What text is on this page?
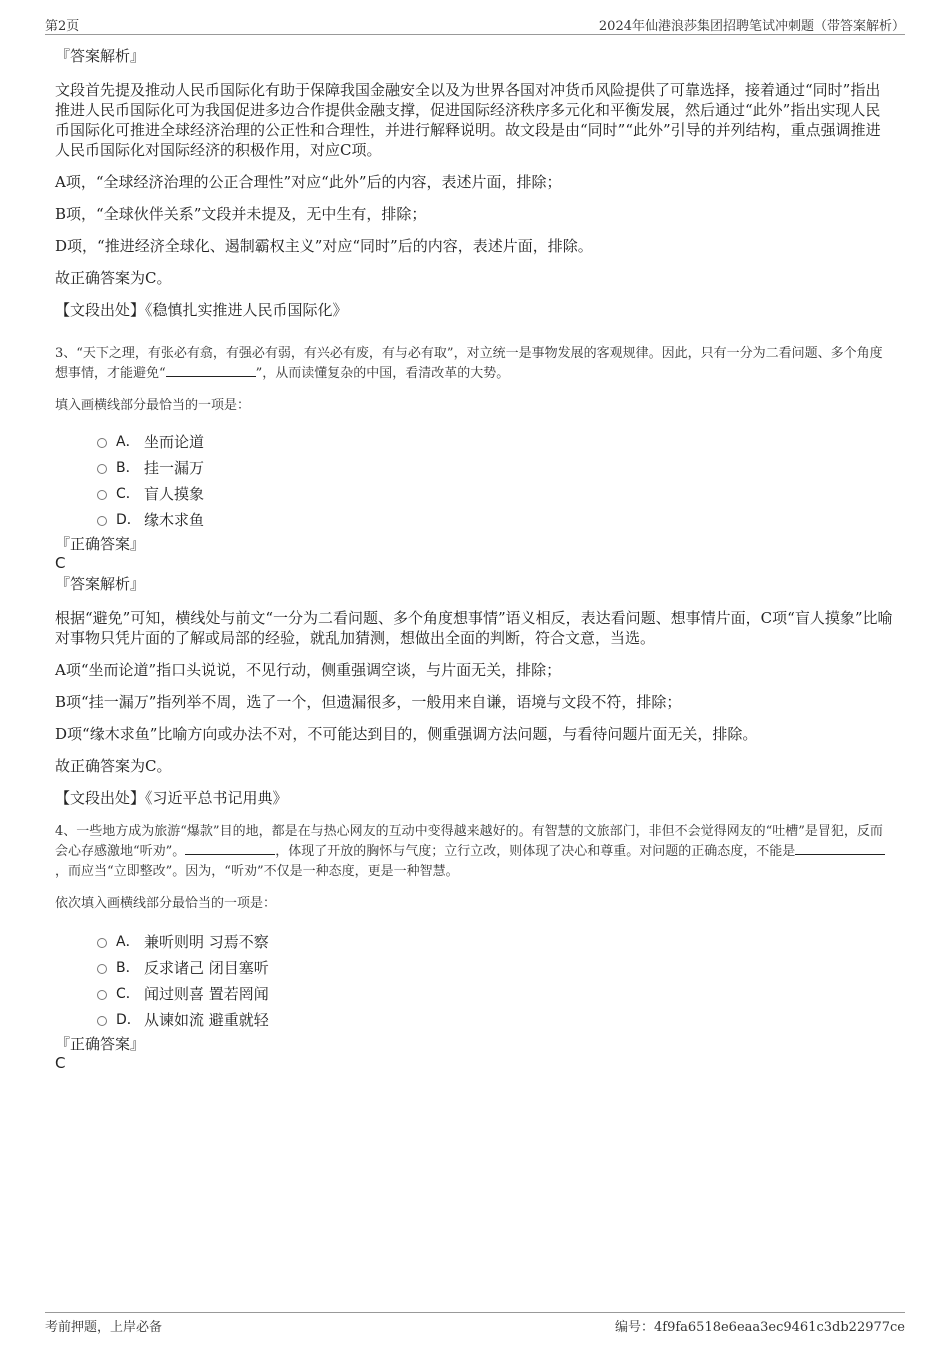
第2页	2024年仙港浪莎集团招聘笔试冲刺题（带答案解析）

『答案解析』

文段首先提及推动人民币国际化有助于保障我国金融安全以及为世界各国对冲货币风险提供了可靠选择，接着通过“同时”指出推进人民币国际化可为我国促进多边合作提供金融支撑，促进国际经济秩序多元化和平衡发展，然后通过“此外”指出实现人民币国际化可推进全球经济治理的公正性和合理性，并进行解释说明。故文段是由“同时”“此外”引导的并列结构，重点强调推进人民币国际化对国际经济的积极作用，对应C项。

A项，“全球经济治理的公正合理性”对应“此外”后的内容，表述片面，排除；

B项，“全球伙伴关系”文段并未提及，无中生有，排除；

D项，“推进经济全球化、遏制霸权主义”对应“同时”后的内容，表述片面，排除。

故正确答案为C。

【文段出处】《稳慎扎实推进人民币国际化》

3、“天下之理，有张必有翕，有强必有弱，有兴必有废，有与必有取”，对立统一是事物发展的客观规律。因此，只有一分为二看问题、多个角度想事情，才能避免“	”，从而读懂复杂的中国，看清改革的大势。

填入画横线部分最恰当的一项是：

A． 坐而论道
B． 挂一漏万
C． 盲人摸象
D． 缘木求鱼

『正确答案』

C

『答案解析』

根据“避免”可知，横线处与前文“一分为二看问题、多个角度想事情”语义相反，表达看问题、想事情片面，C项“盲人摸象”比喻对事物只凭片面的了解或局部的经验，就乱加猜测，想做出全面的判断，符合文意，当选。

A项“坐而论道”指口头说说，不见行动，侧重强调空谈，与片面无关，排除；

B项“挂一漏万”指列举不周，选了一个，但遗漏很多，一般用来自谦，语境与文段不符，排除；

D项“缘木求鱼”比喻方向或办法不对，不可能达到目的，侧重强调方法问题，与看待问题片面无关，排除。

故正确答案为C。

【文段出处】《习近平总书记用典》

4、一些地方成为旅游“爆款”目的地，都是在与热心网友的互动中变得越来越好的。有智慧的文旅部门，非但不会觉得网友的“吐槽”是冒犯，反而会心存感激地“听劝”。	，体现了开放的胸怀与气度；立行立改，则体现了决心和尊重。对问题的正确态度，不能是，而应当“立即整改”。因为，“听劝”不仅是一种态度，更是一种智慧。

依次填入画横线部分最恰当的一项是：

A． 兼听则明 习焉不察
B． 反求诸己 闭目塞听
C． 闻过则喜 置若罔闻
D． 从谏如流 避重就轻

『正确答案』

C

考前押题，上岸必备	编号：4f9fa6518e6eaa3ec9461c3db22977ce
